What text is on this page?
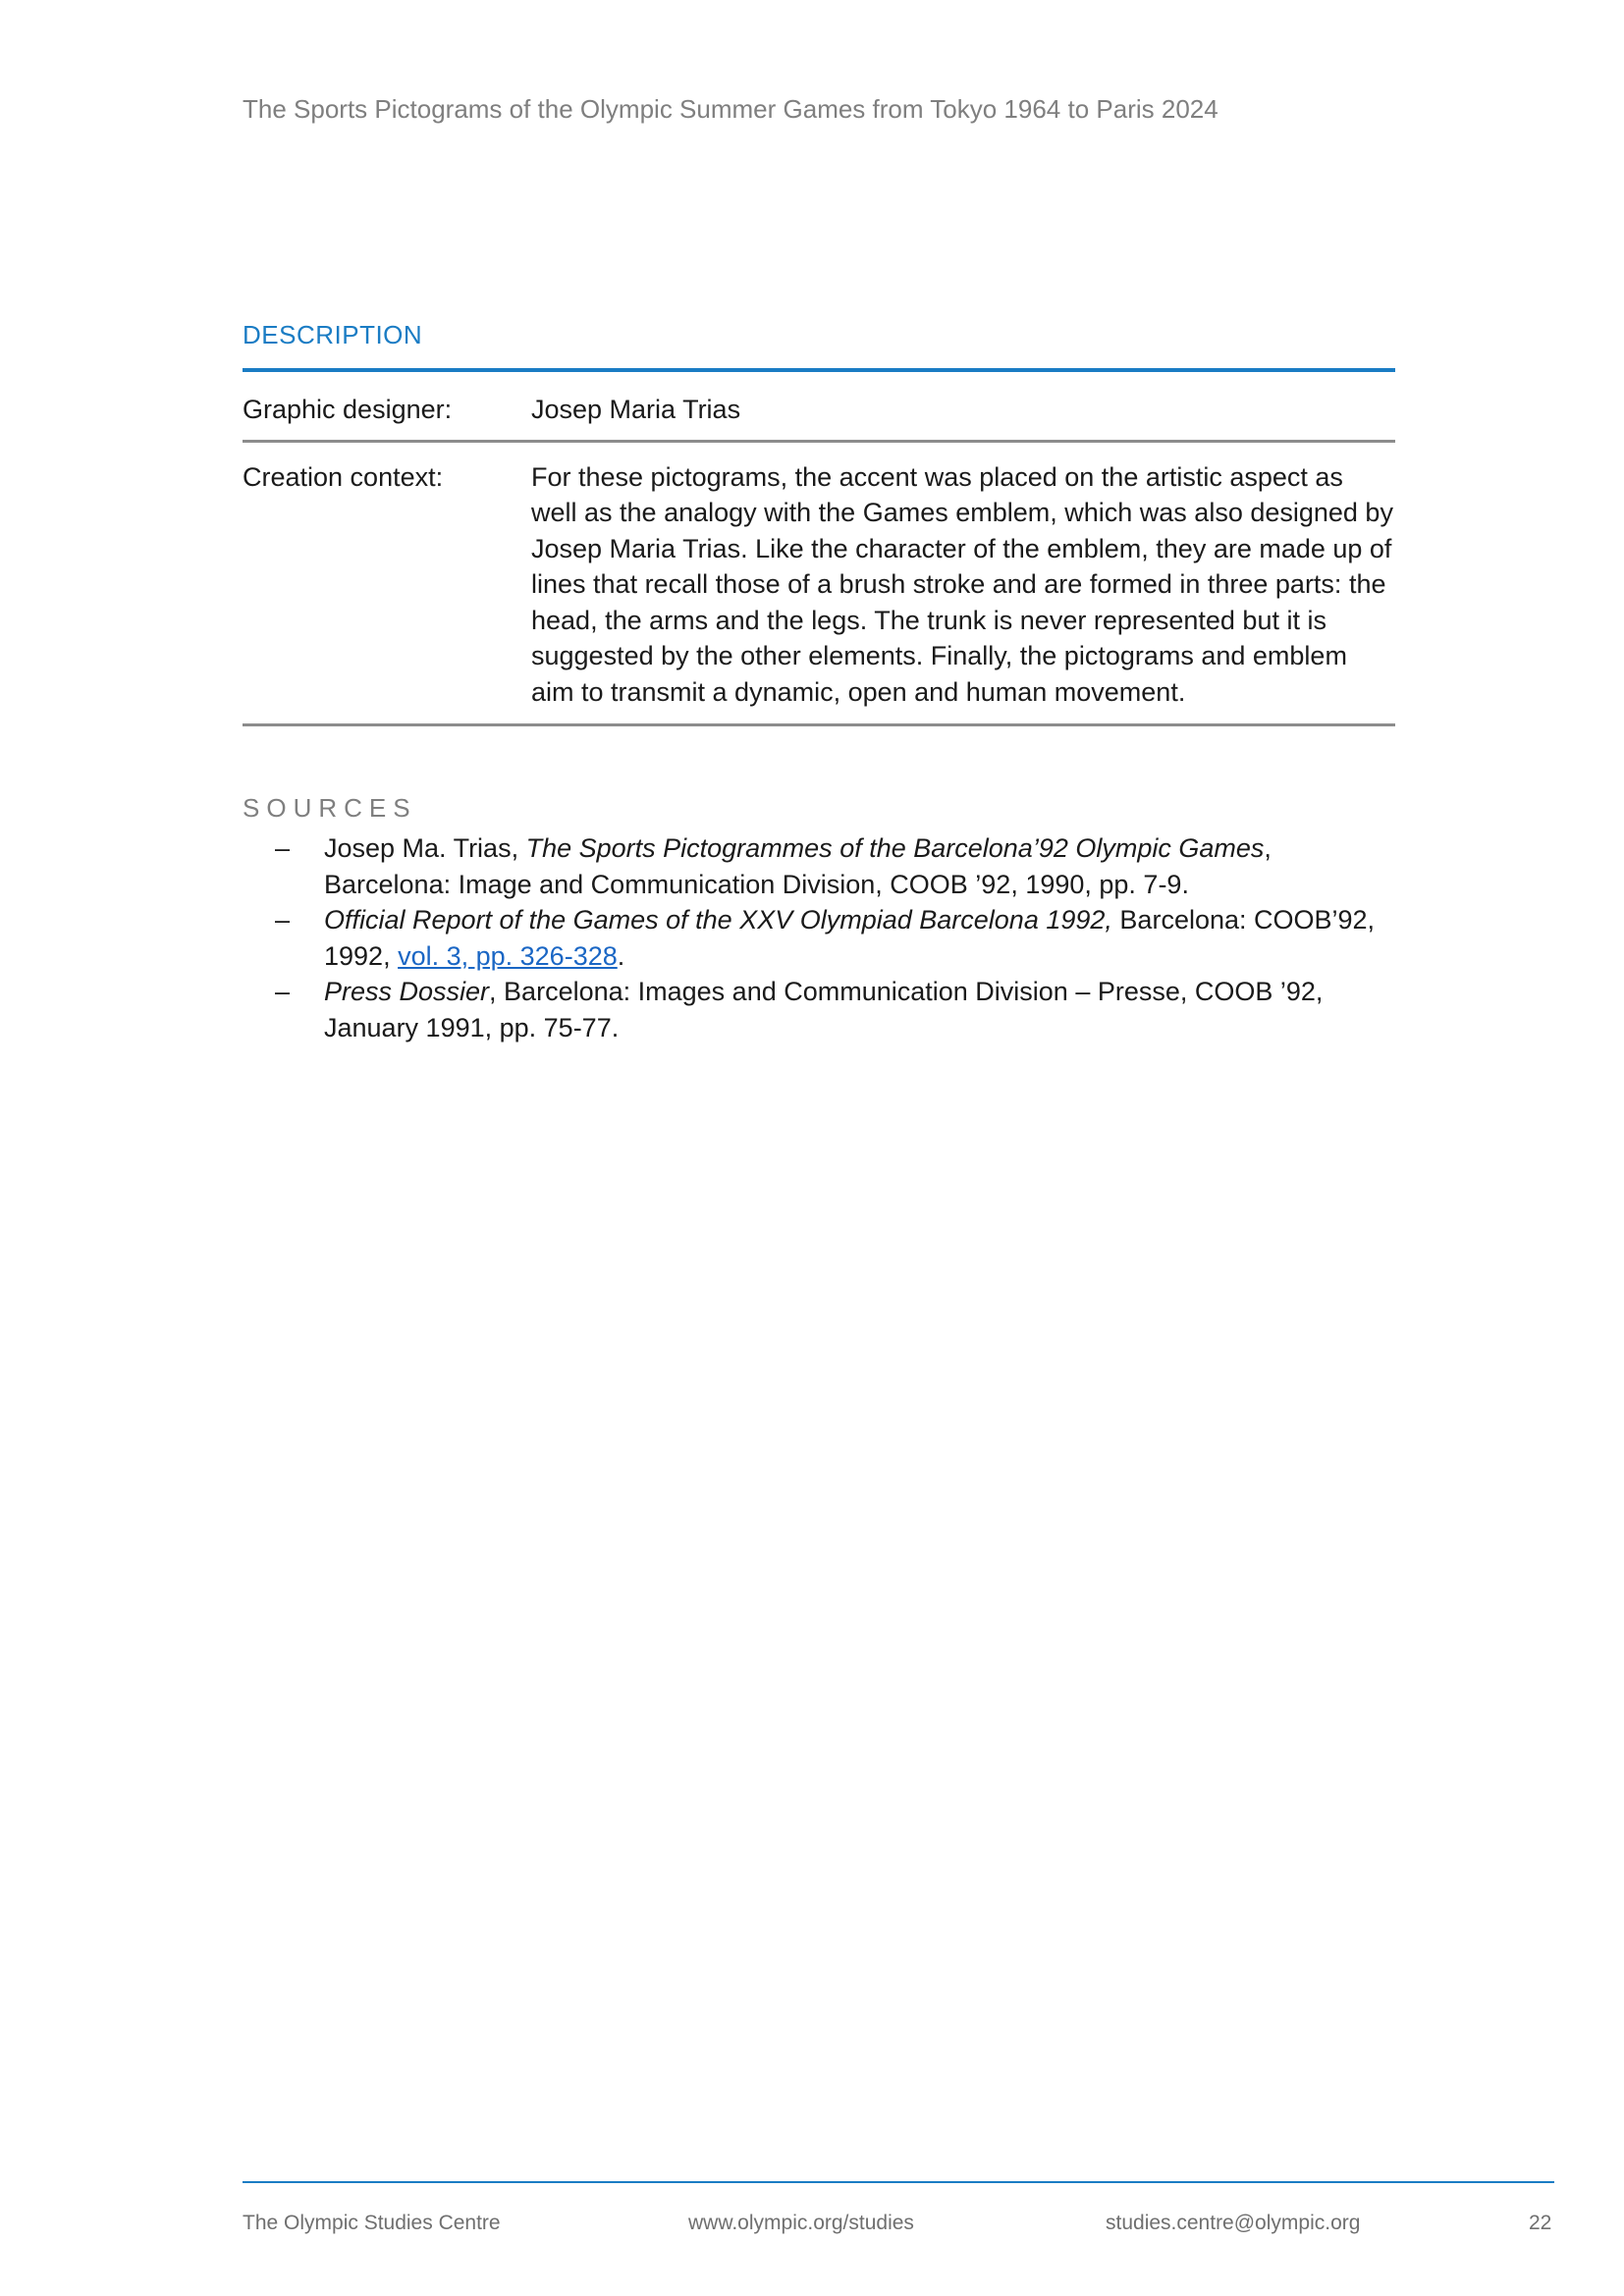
The Sports Pictograms of the Olympic Summer Games from Tokyo 1964 to Paris 2024
DESCRIPTION
Graphic designer:	Josep Maria Trias
Creation context:	For these pictograms, the accent was placed on the artistic aspect as well as the analogy with the Games emblem, which was also designed by Josep Maria Trias. Like the character of the emblem, they are made up of lines that recall those of a brush stroke and are formed in three parts: the head, the arms and the legs. The trunk is never represented but it is suggested by the other elements. Finally, the pictograms and emblem aim to transmit a dynamic, open and human movement.
SOURCES
–	Josep Ma. Trias, The Sports Pictogrammes of the Barcelona’92 Olympic Games, Barcelona: Image and Communication Division, COOB ’92, 1990, pp. 7-9.
–	Official Report of the Games of the XXV Olympiad Barcelona 1992, Barcelona: COOB’92, 1992, vol. 3, pp. 326-328.
–	Press Dossier, Barcelona: Images and Communication Division – Presse, COOB ’92, January 1991, pp. 75-77.
The Olympic Studies Centre	www.olympic.org/studies	studies.centre@olympic.org	22
